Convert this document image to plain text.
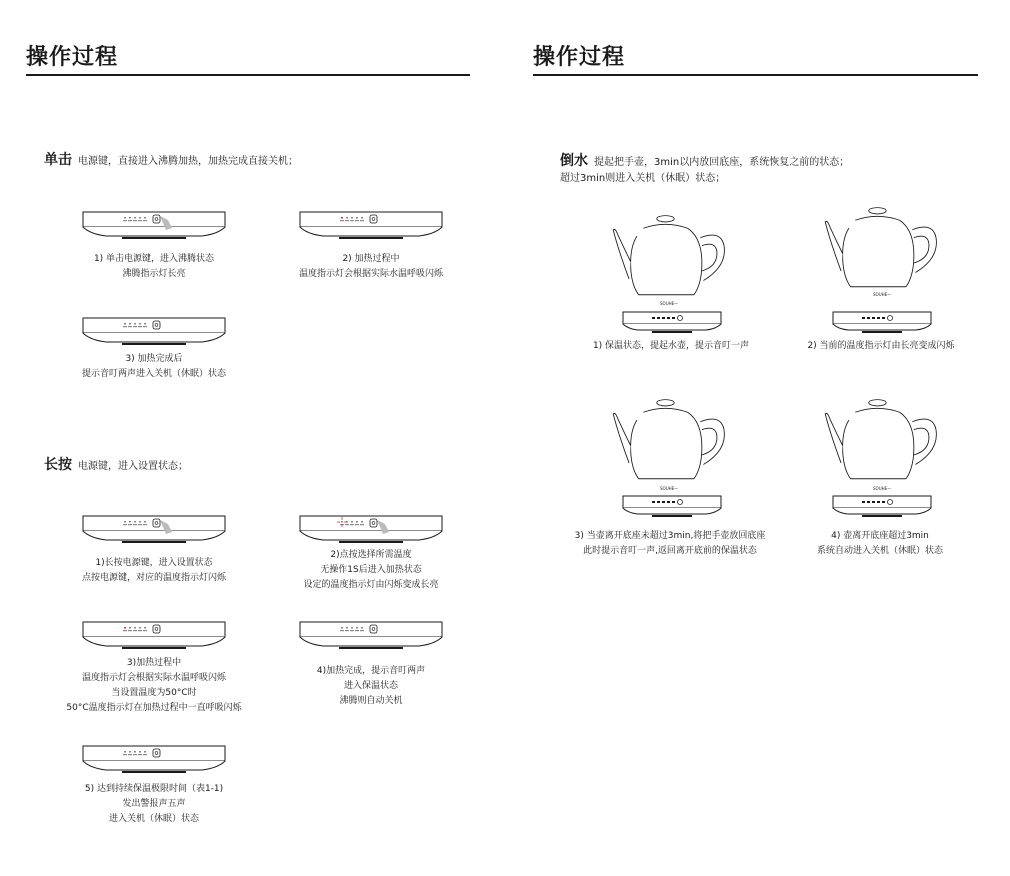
操作过程
单击 电源键，直接进入沸腾加热，加热完成直接关机；
1) 单击电源键，进入沸腾状态
沸腾指示灯长亮
2) 加热过程中
温度指示灯会根据实际水温呼吸闪烁
3) 加热完成后
提示音叮两声进入关机（休眠）状态
长按 电源键，进入设置状态；
1)长按电源键，进入设置状态
点按电源键，对应的温度指示灯闪烁
2)点按选择所需温度
无操作1S后进入加热状态
设定的温度指示灯由闪烁变成长亮
3)加热过程中
温度指示灯会根据实际水温呼吸闪烁
当设置温度为50°C时
50°C温度指示灯在加热过程中一直呼吸闪烁
4)加热完成，提示音叮两声
进入保温状态
沸腾则自动关机
5) 达到持续保温极限时间（表1-1)
发出警报声五声
进入关机（休眠）状态
操作过程
倒水 提起把手壶，3min以内放回底座，系统恢复之前的状态；
超过3min则进入关机（休眠）状态；
SOUHE—
1) 保温状态，提起水壶，提示音叮一声
SOUHE—
2) 当前的温度指示灯由长亮变成闪烁
SOUHE—
3) 当壶离开底座未超过3min,将把手壶放回底座
此时提示音叮一声,返回离开底前的保温状态
SOUHE—
4) 壶离开底座超过3min
系统自动进入关机（休眠）状态
